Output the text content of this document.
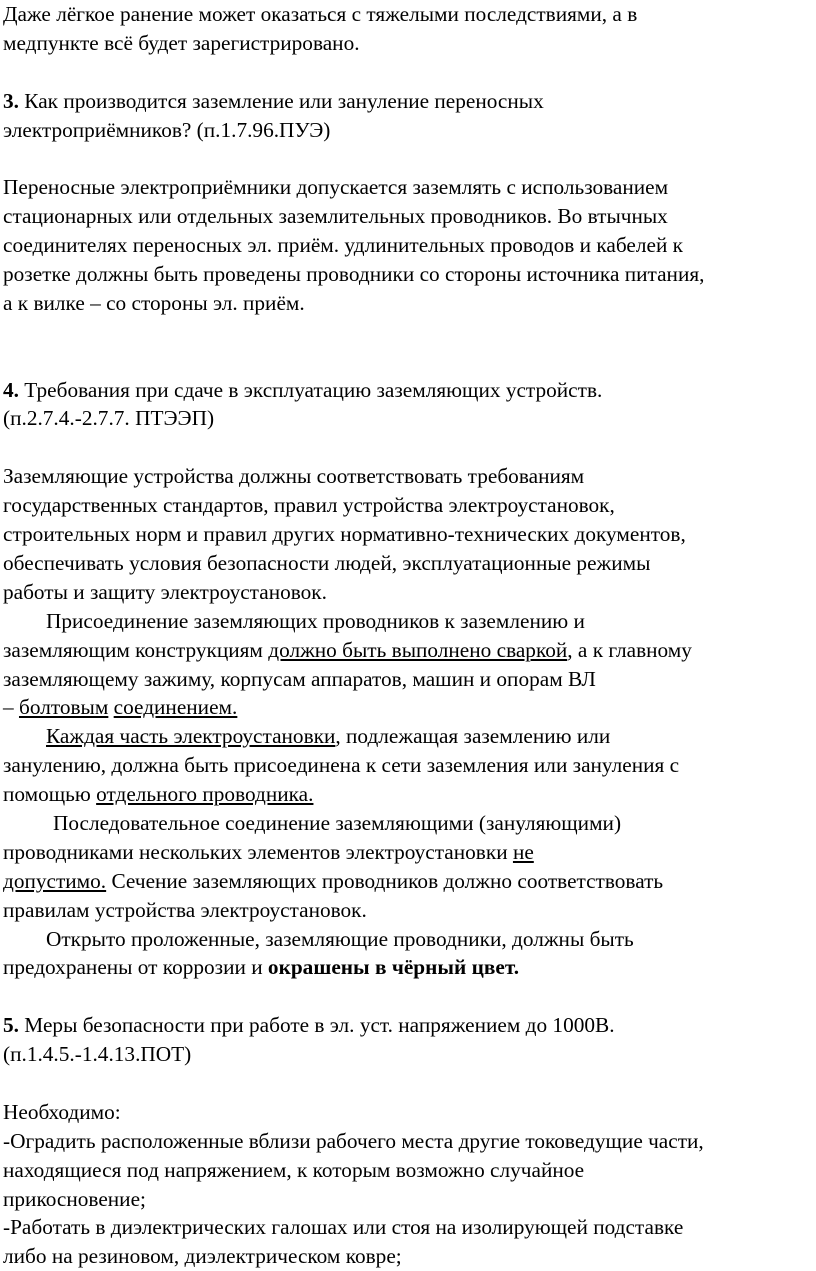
Даже лёгкое ранение может оказаться с тяжелыми последствиями, а в
медпункте всё будет зарегистрировано.
3. Как производится заземление или зануление переносных
электроприёмников? (п.1.7.96.ПУЭ)
Переносные электроприёмники допускается заземлять с использованием
стационарных или отдельных заземлительных проводников. Во втычных
соединителях переносных эл. приём. удлинительных проводов и кабелей к
розетке должны быть проведены проводники со стороны источника питания,
а к вилке – со стороны эл. приём.
4. Требования при сдаче в эксплуатацию заземляющих устройств.
(п.2.7.4.-2.7.7. ПТЭЭП)
Заземляющие устройства должны соответствовать требованиям
государственных стандартов, правил устройства электроустановок,
строительных норм и правил других нормативно-технических документов,
обеспечивать условия безопасности людей, эксплуатационные режимы
работы и защиту электроустановок.
Присоединение заземляющих проводников к заземлению и
заземляющим конструкциям должно быть выполнено сваркой, а к главному
заземляющему зажиму, корпусам аппаратов, машин и опорам ВЛ
– болтовым соединением.
Каждая часть электроустановки, подлежащая заземлению или
занулению, должна быть присоединена к сети заземления или зануления с
помощью отдельного проводника.
Последовательное соединение заземляющими (зануляющими)
проводниками нескольких элементов электроустановки не
допустимо. Сечение заземляющих проводников должно соответствовать
правилам устройства электроустановок.
Открыто проложенные, заземляющие проводники, должны быть
предохранены от коррозии и окрашены в чёрный цвет.
5. Меры безопасности при работе в эл. уст. напряжением до 1000В.
(п.1.4.5.-1.4.13.ПОТ)
Необходимо:
-Оградить расположенные вблизи рабочего места другие токоведущие части,
находящиеся под напряжением, к которым возможно случайное
прикосновение;
-Работать в диэлектрических галошах или стоя на изолирующей подставке
либо на резиновом, диэлектрическом ковре;
